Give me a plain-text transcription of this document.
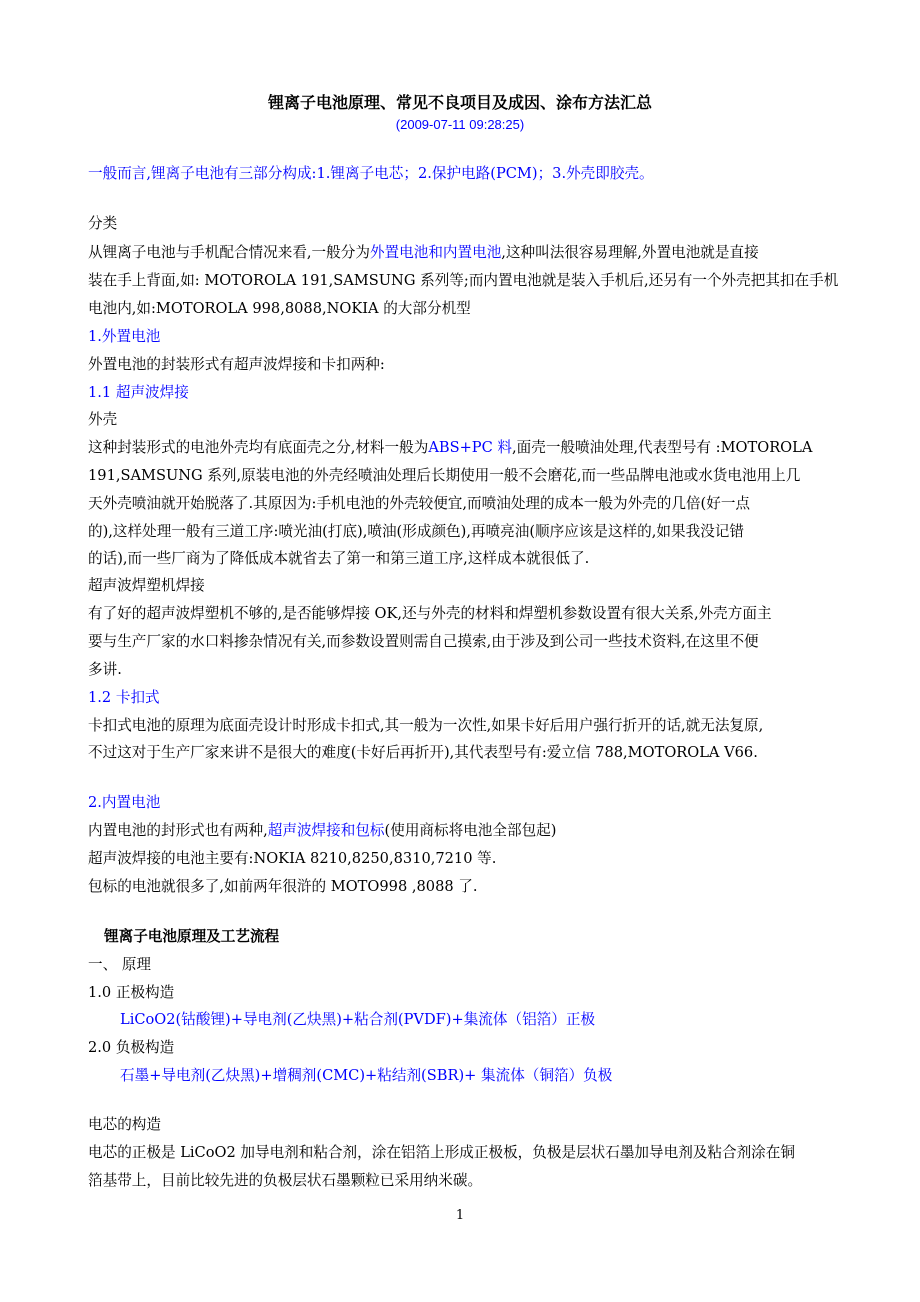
锂离子电池原理、常见不良项目及成因、涂布方法汇总
(2009-07-11 09:28:25)
一般而言,锂离子电池有三部分构成:1.锂离子电芯；2.保护电路(PCM)；3.外壳即胶壳。
分类
从锂离子电池与手机配合情况来看,一般分为外置电池和内置电池,这种叫法很容易理解,外置电池就是直接
装在手上背面,如: MOTOROLA 191,SAMSUNG 系列等;而内置电池就是装入手机后,还另有一个外壳把其扣在手机
电池内,如:MOTOROLA 998,8088,NOKIA 的大部分机型
1.外置电池
外置电池的封装形式有超声波焊接和卡扣两种:
1.1 超声波焊接
外壳
这种封装形式的电池外壳均有底面壳之分,材料一般为ABS+PC 料,面壳一般喷油处理,代表型号有 :MOTOROLA
191,SAMSUNG 系列,原装电池的外壳经喷油处理后长期使用一般不会磨花,而一些品牌电池或水货电池用上几
天外壳喷油就开始脱落了.其原因为:手机电池的外壳较便宜,而喷油处理的成本一般为外壳的几倍(好一点
的),这样处理一般有三道工序:喷光油(打底),喷油(形成颜色),再喷亮油(顺序应该是这样的,如果我没记错
的话),而一些厂商为了降低成本就省去了第一和第三道工序,这样成本就很低了.
超声波焊塑机焊接
有了好的超声波焊塑机不够的,是否能够焊接 OK,还与外壳的材料和焊塑机参数设置有很大关系,外壳方面主
要与生产厂家的水口料掺杂情况有关,而参数设置则需自己摸索,由于涉及到公司一些技术资料,在这里不便
多讲.
1.2 卡扣式
卡扣式电池的原理为底面壳设计时形成卡扣式,其一般为一次性,如果卡好后用户强行折开的话,就无法复原,
不过这对于生产厂家来讲不是很大的难度(卡好后再折开),其代表型号有:爱立信 788,MOTOROLA V66.
2.内置电池
内置电池的封形式也有两种,超声波焊接和包标(使用商标将电池全部包起)
超声波焊接的电池主要有:NOKIA 8210,8250,8310,7210 等.
包标的电池就很多了,如前两年很浒的 MOTO998 ,8088 了.
锂离子电池原理及工艺流程
一、 原理
1.0 正极构造
LiCoO2(钴酸锂)+导电剂(乙炔黑)+粘合剂(PVDF)+集流体（铝箔）正极
2.0 负极构造
石墨+导电剂(乙炔黑)+增稠剂(CMC)+粘结剂(SBR)+ 集流体（铜箔）负极
电芯的构造
电芯的正极是 LiCoO2 加导电剂和粘合剂，涂在铝箔上形成正极板，负极是层状石墨加导电剂及粘合剂涂在铜
箔基带上，目前比较先进的负极层状石墨颗粒已采用纳米碳。
1
